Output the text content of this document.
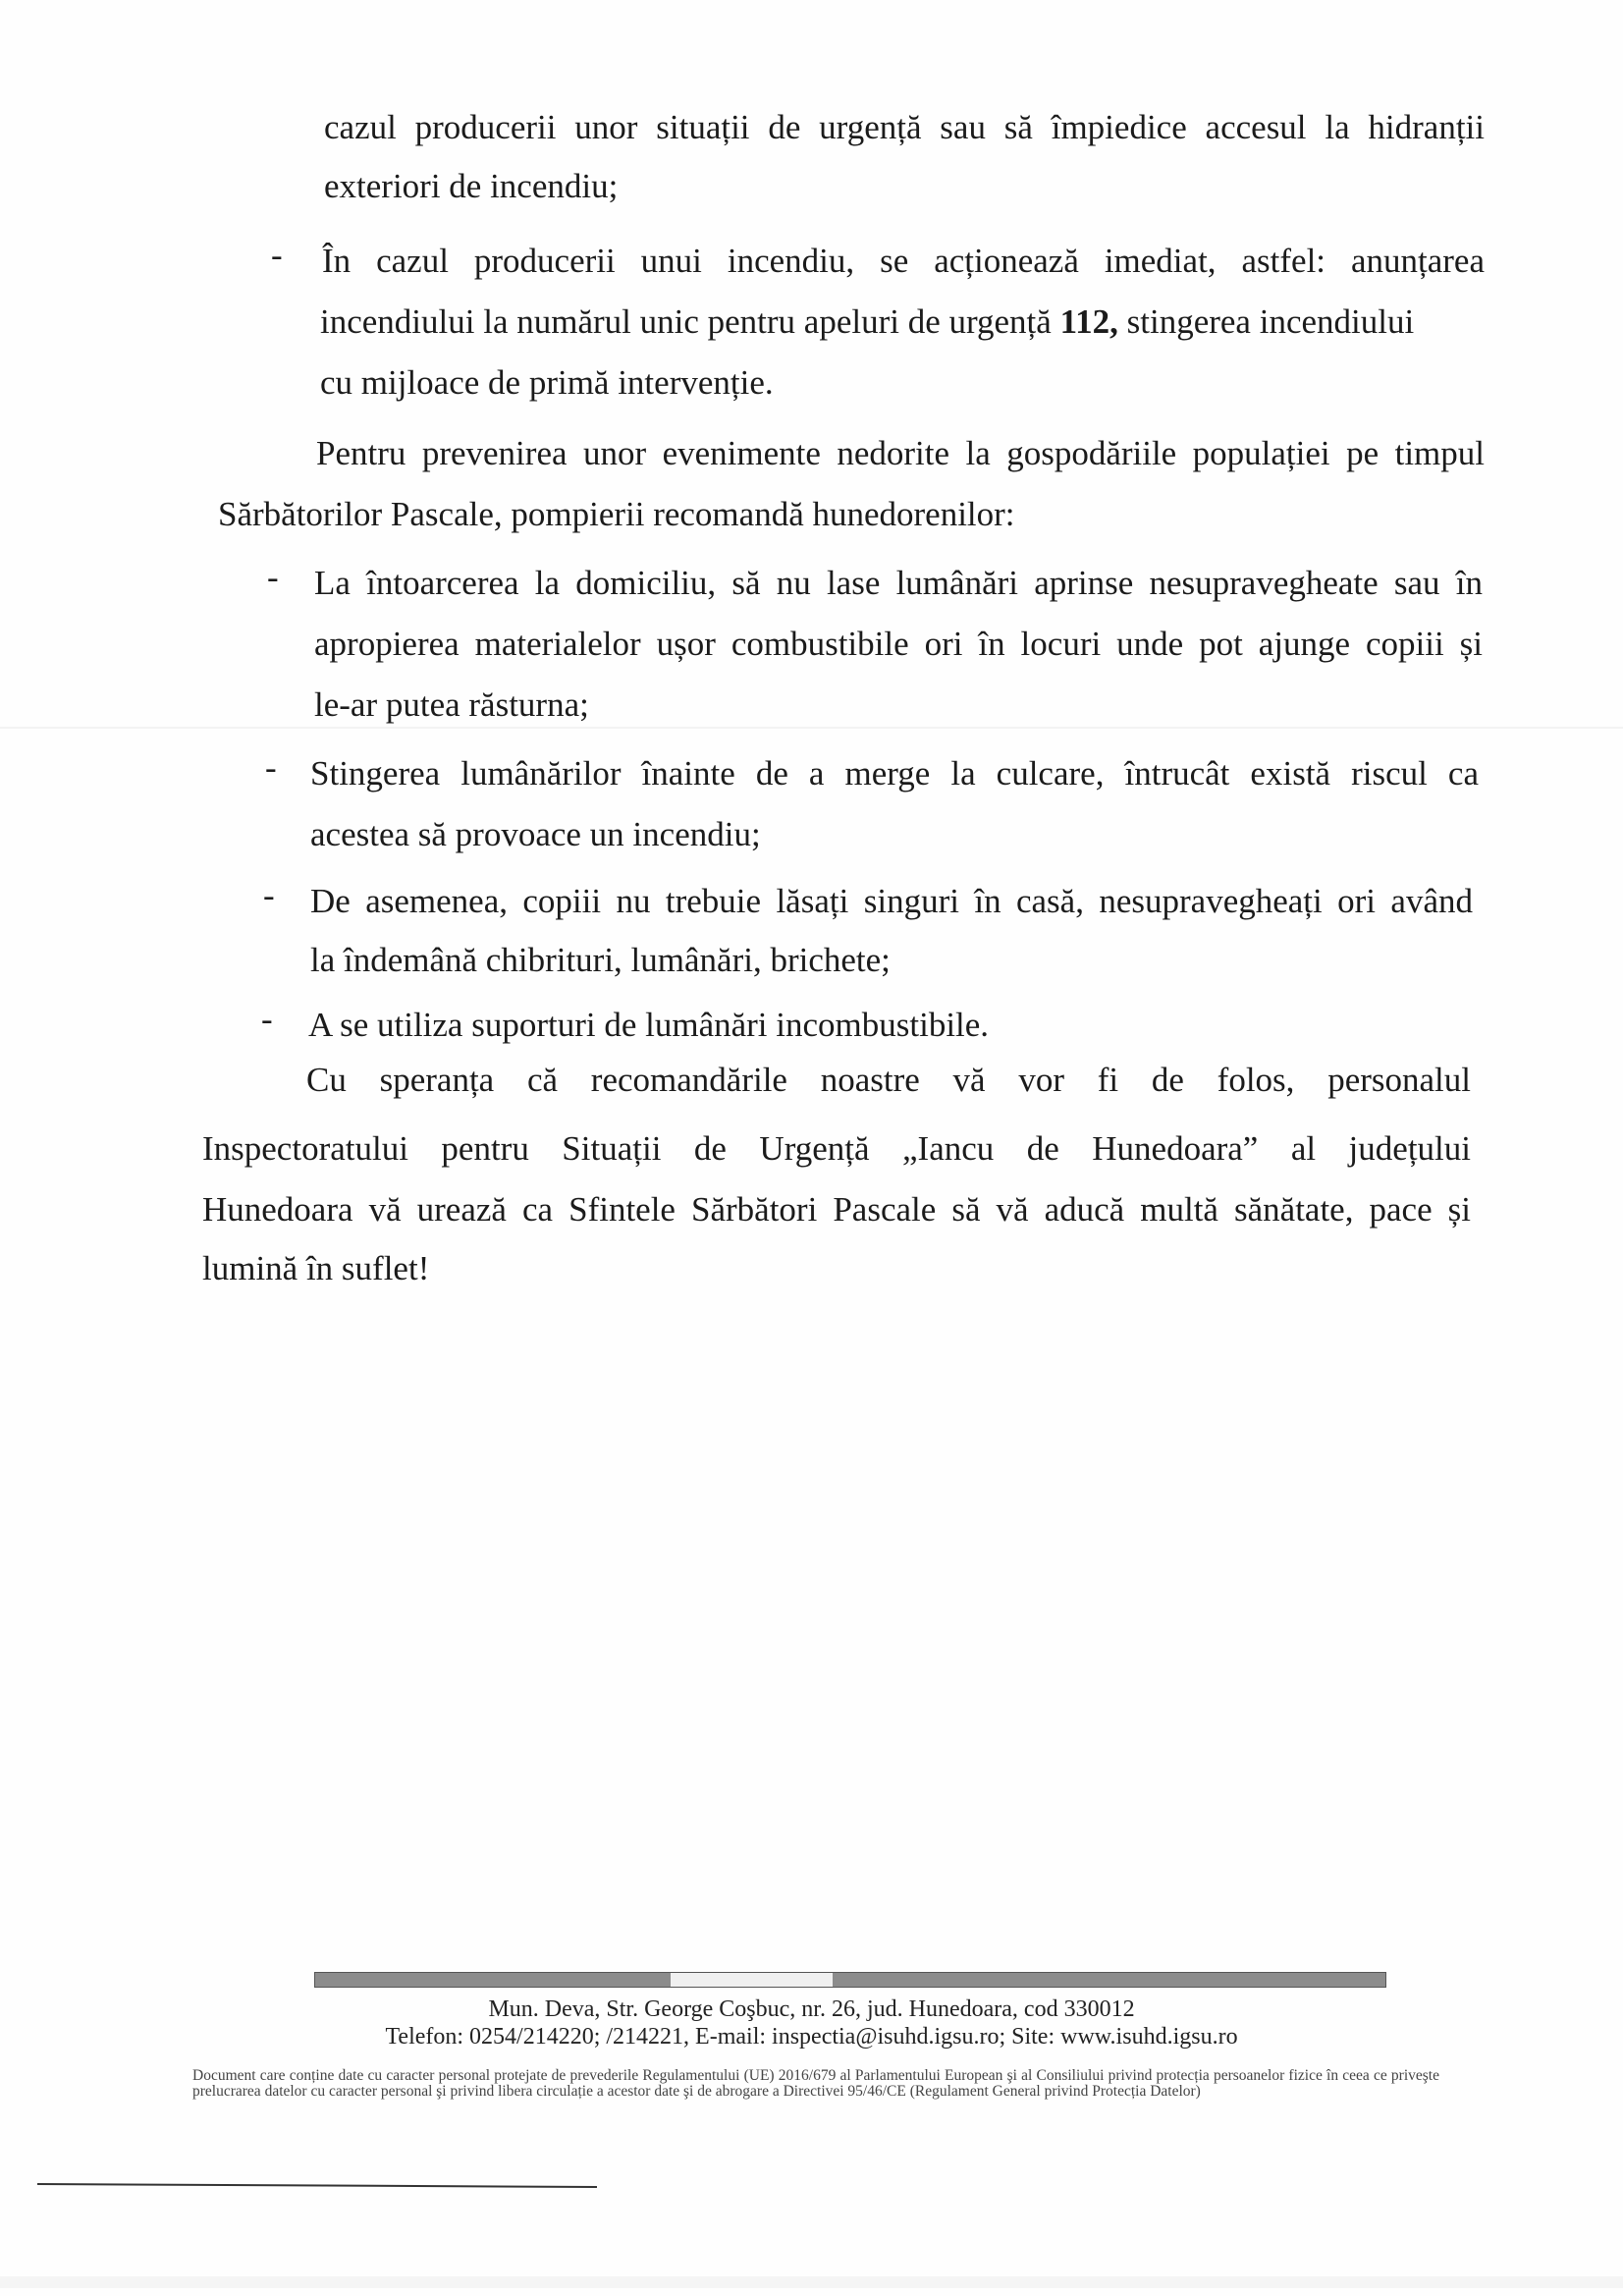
cazul producerii unor situații de urgență sau să împiedice accesul la hidranții
exteriori de incendiu;
- În cazul producerii unui incendiu, se acționează imediat, astfel: anunțarea
incendiului la numărul unic pentru apeluri de urgență 112, stingerea incendiului
cu mijloace de primă intervenție.
Pentru prevenirea unor evenimente nedorite la gospodăriile populației pe timpul
Sărbătorilor Pascale, pompierii recomandă hunedorenilor:
- La întoarcerea la domiciliu, să nu lase lumânări aprinse nesupravegheate sau în
apropierea materialelor ușor combustibile ori în locuri unde pot ajunge copiii și
le-ar putea răsturna;
- Stingerea lumânărilor înainte de a merge la culcare, întrucât există riscul ca
acestea să provoace un incendiu;
- De asemenea, copiii nu trebuie lăsați singuri în casă, nesupravegheați ori având
la îndemână chibrituri, lumânări, brichete;
- A se utiliza suporturi de lumânări incombustibile.
Cu speranța că recomandările noastre vă vor fi de folos, personalul
Inspectoratului pentru Situații de Urgență „Iancu de Hunedoara” al județului
Hunedoara vă urează ca Sfintele Sărbători Pascale să vă aducă multă sănătate, pace și
lumină în suflet!
Mun. Deva, Str. George Coşbuc, nr. 26, jud. Hunedoara, cod 330012
Telefon: 0254/214220; /214221, E-mail: inspectia@isuhd.igsu.ro; Site: www.isuhd.igsu.ro
Document care conține date cu caracter personal protejate de prevederile Regulamentului (UE) 2016/679 al Parlamentului European şi al Consiliului privind protecția persoanelor fizice în ceea ce priveşte prelucrarea datelor cu caracter personal şi privind libera circulație a acestor date şi de abrogare a Directivei 95/46/CE (Regulament General privind Protecția Datelor)
